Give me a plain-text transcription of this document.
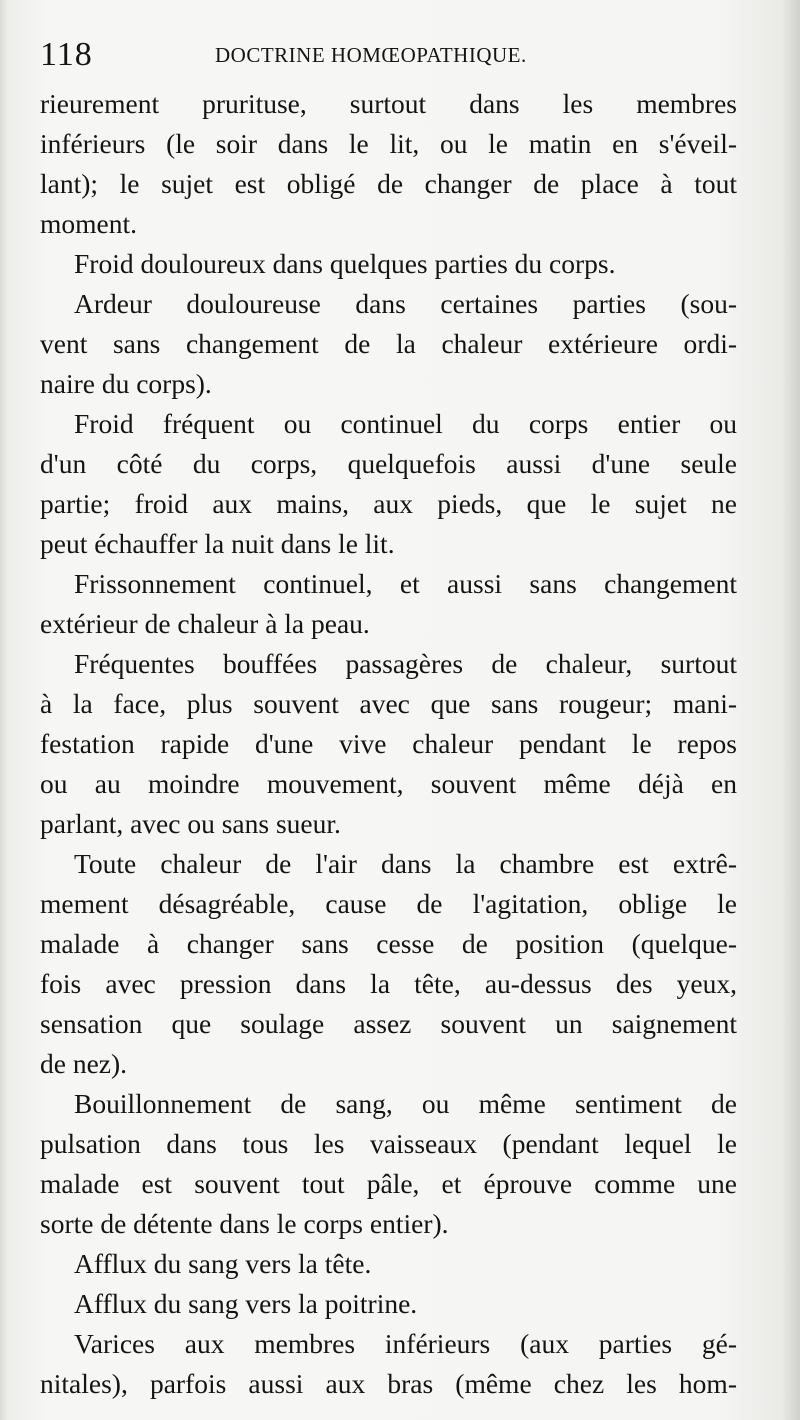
118	DOCTRINE HOMŒOPATHIQUE.
rieurement prurituse, surtout dans les membres
inférieurs (le soir dans le lit, ou le matin en s'éveil-
lant); le sujet est obligé de changer de place à tout
moment.
Froid douloureux dans quelques parties du corps.
Ardeur douloureuse dans certaines parties (sou-
vent sans changement de la chaleur extérieure ordi-
naire du corps).
Froid fréquent ou continuel du corps entier ou
d'un côté du corps, quelquefois aussi d'une seule
partie; froid aux mains, aux pieds, que le sujet ne
peut échauffer la nuit dans le lit.
Frissonnement continuel, et aussi sans changement
extérieur de chaleur à la peau.
Fréquentes bouffées passagères de chaleur, surtout
à la face, plus souvent avec que sans rougeur; mani-
festation rapide d'une vive chaleur pendant le repos
ou au moindre mouvement, souvent même déjà en
parlant, avec ou sans sueur.
Toute chaleur de l'air dans la chambre est extrê-
mement désagréable, cause de l'agitation, oblige le
malade à changer sans cesse de position (quelque-
fois avec pression dans la tête, au-dessus des yeux,
sensation que soulage assez souvent un saignement
de nez).
Bouillonnement de sang, ou même sentiment de
pulsation dans tous les vaisseaux (pendant lequel le
malade est souvent tout pâle, et éprouve comme une
sorte de détente dans le corps entier).
Afflux du sang vers la tête.
Afflux du sang vers la poitrine.
Varices aux membres inférieurs (aux parties gé-
nitales), parfois aussi aux bras (même chez les hom-
